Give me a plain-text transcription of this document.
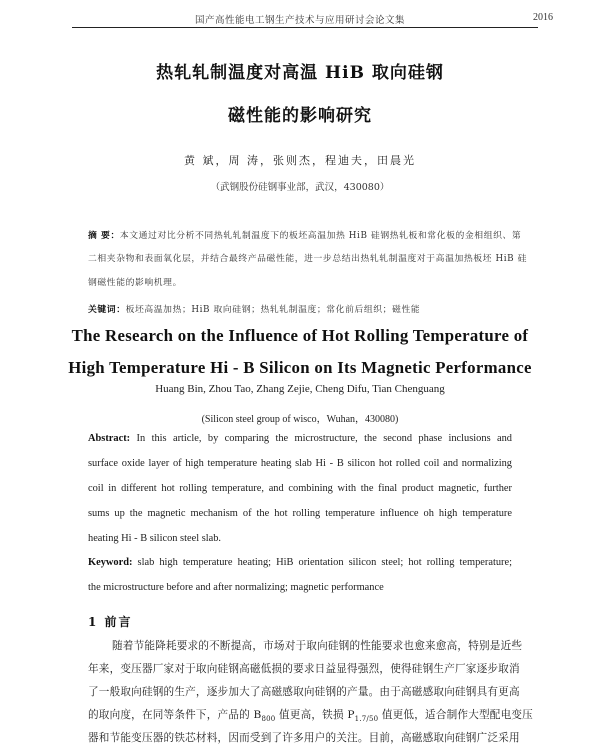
国产高性能电工钢生产技术与应用研讨会论文集	2016
热轧轧制温度对高温 HiB 取向硅钢
磁性能的影响研究
黄 斌，周 涛，张则杰，程迪夫，田晨光
（武钢股份硅钢事业部，武汉，430080）
摘 要：本文通过对比分析不同热轧轧制温度下的板坯高温加热 HiB 硅钢热轧板和常化板的金相组织、第
二相夹杂物和表面氧化层，并结合最终产品磁性能，进一步总结出热轧轧制温度对于高温加热板坯 HiB 硅
钢磁性能的影响机理。
关键词：板坯高温加热；HiB 取向硅钢；热轧轧制温度；常化前后组织；磁性能
The Research on the Influence of Hot Rolling Temperature of
High Temperature Hi - B Silicon on Its Magnetic Performance
Huang Bin, Zhou Tao, Zhang Zejie, Cheng Difu, Tian Chenguang
(Silicon steel group of wisco，Wuhan，430080)
Abstract: In this article, by comparing the microstructure, the second phase inclusions and
surface oxide layer of high temperature heating slab Hi - B silicon hot rolled coil and normalizing
coil in different hot rolling temperature, and combining with the final product magnetic, further
sums up the magnetic mechanism of the hot rolling temperature influence oh high temperature
heating Hi - B silicon steel slab.
Keyword: slab high temperature heating; HiB orientation silicon steel; hot rolling temperature;
the microstructure before and after normalizing; magnetic performance
1 前言
随着节能降耗要求的不断提高，市场对于取向硅钢的性能要求也愈来愈高，特别是近些
年来，变压器厂家对于取向硅钢高磁低损的要求日益显得强烈，使得硅钢生产厂家逐步取消
了一般取向硅钢的生产，逐步加大了高磁感取向硅钢的产量。由于高磁感取向硅钢具有更高
的取向度，在同等条件下，产品的 $B_{800}$ 值更高，铁损 $P_{1.7/50}$ 值更低，适合制作大型配电变压
器和节能变压器的铁芯材料，因而受到了许多用户的关注。目前，高磁感取向硅钢广泛采用
